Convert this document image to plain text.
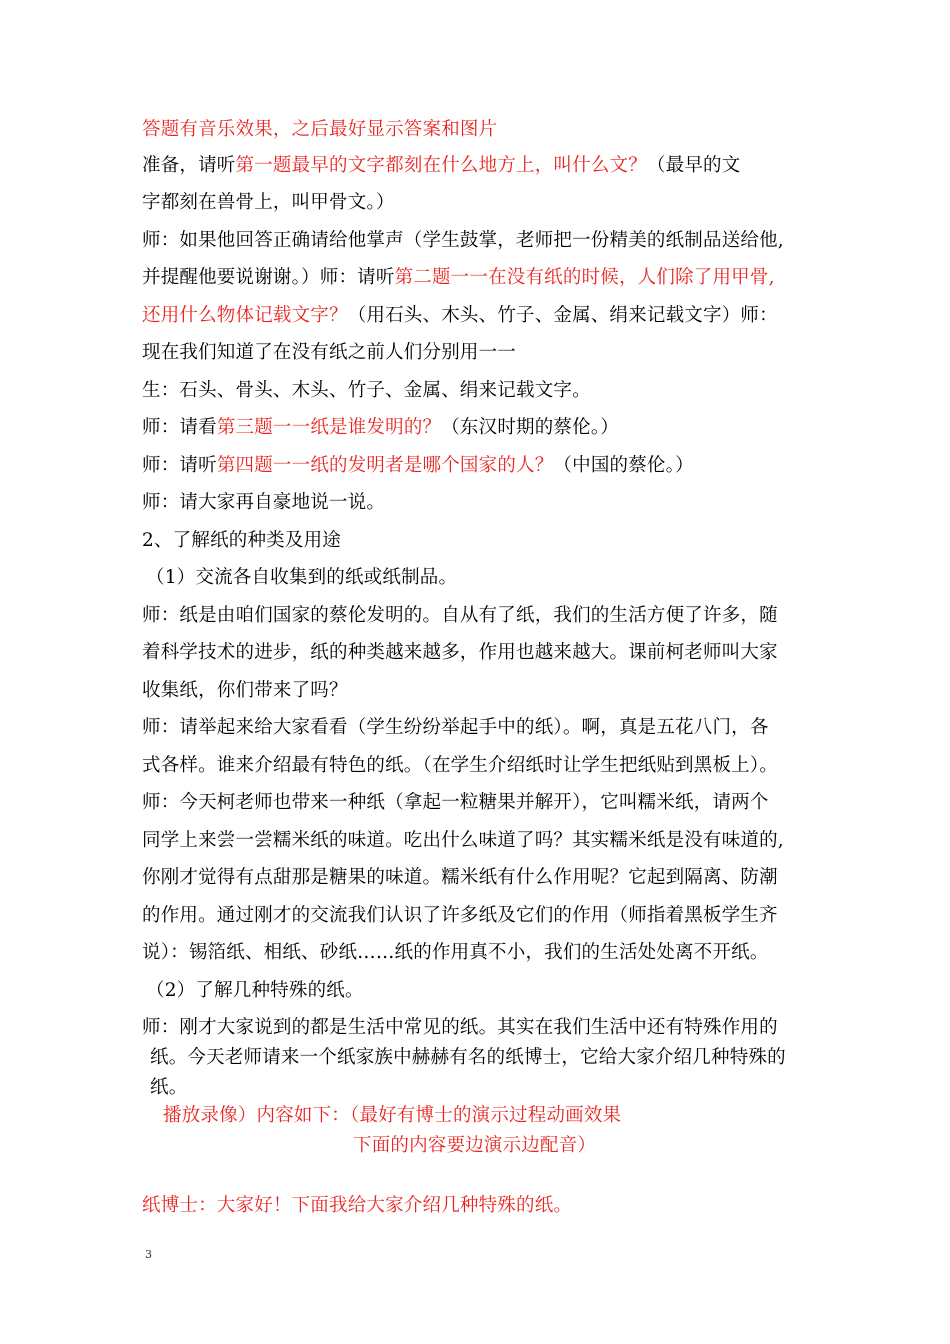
答题有音乐效果，之后最好显示答案和图片
准备，请听第一题最早的文字都刻在什么地方上，叫什么文？（最早的文
字都刻在兽骨上，叫甲骨文。）
师：如果他回答正确请给他掌声（学生鼓掌，老师把一份精美的纸制品送给他,
并提醒他要说谢谢。）师：请听第二题一一在没有纸的时候，人们除了用甲骨,
还用什么物体记载文字？（用石头、木头、竹子、金属、绢来记载文字）师：
现在我们知道了在没有纸之前人们分别用一一
生：石头、骨头、木头、竹子、金属、绢来记载文字。
师：请看第三题一一纸是谁发明的？（东汉时期的蔡伦。）
师：请听第四题一一纸的发明者是哪个国家的人？（中国的蔡伦。）
师：请大家再自豪地说一说。
2、了解纸的种类及用途
（1）交流各自收集到的纸或纸制品。
师：纸是由咱们国家的蔡伦发明的。自从有了纸，我们的生活方便了许多，随
着科学技术的进步，纸的种类越来越多，作用也越来越大。课前柯老师叫大家
收集纸，你们带来了吗？
师：请举起来给大家看看（学生纷纷举起手中的纸）。啊，真是五花八门，各
式各样。谁来介绍最有特色的纸。（在学生介绍纸时让学生把纸贴到黑板上）。
师：今天柯老师也带来一种纸（拿起一粒糖果并解开），它叫糯米纸，请两个
同学上来尝一尝糯米纸的味道。吃出什么味道了吗？其实糯米纸是没有味道的,
你刚才觉得有点甜那是糖果的味道。糯米纸有什么作用呢？它起到隔离、防潮
的作用。通过刚才的交流我们认识了许多纸及它们的作用（师指着黑板学生齐
说）：锡箔纸、相纸、砂纸……纸的作用真不小，我们的生活处处离不开纸。
（2）了解几种特殊的纸。
师：刚才大家说到的都是生活中常见的纸。其实在我们生活中还有特殊作用的
纸。今天老师请来一个纸家族中赫赫有名的纸博士，它给大家介绍几种特殊的
纸。
播放录像）内容如下：（最好有博士的演示过程动画效果
下面的内容要边演示边配音）
纸博士：大家好！下面我给大家介绍几种特殊的纸。
3
